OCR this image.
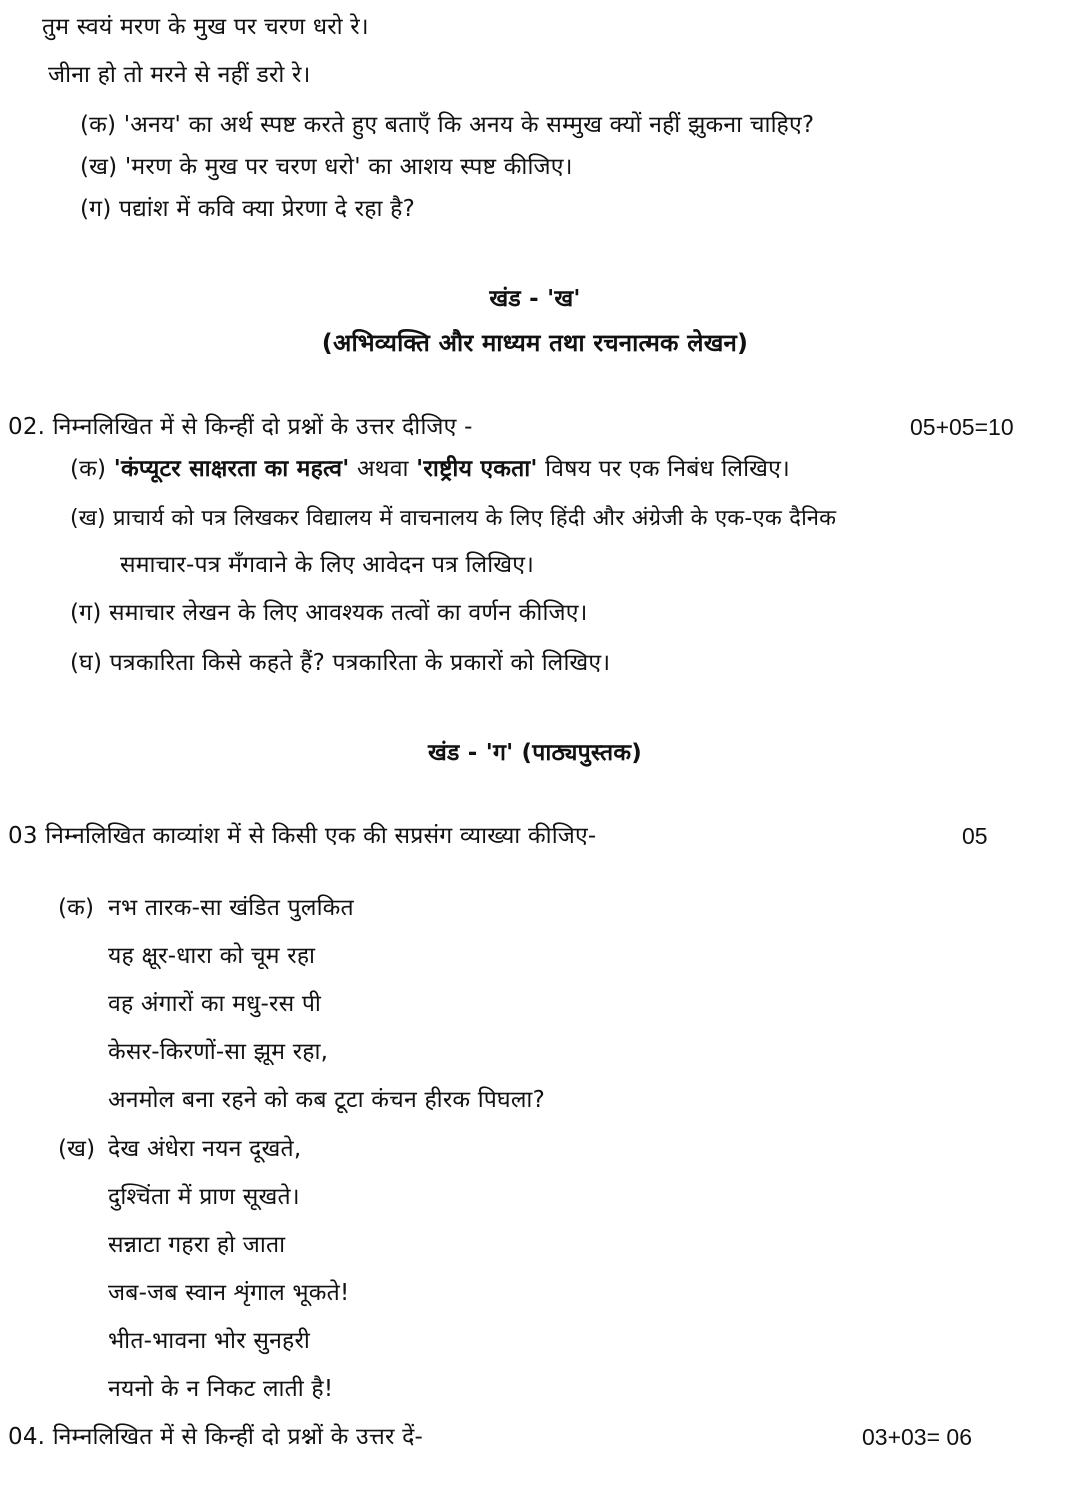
तुम स्वयं मरण के मुख पर चरण धरो रे।
जीना हो तो मरने से नहीं डरो रे।
(क) 'अनय' का अर्थ स्पष्ट करते हुए बताएँ कि अनय के सम्मुख क्यों नहीं झुकना चाहिए?
(ख) 'मरण के मुख पर चरण धरो' का आशय स्पष्ट कीजिए।
(ग) पद्यांश में कवि क्या प्रेरणा दे रहा है?
खंड - 'ख'
(अभिव्यक्ति और माध्यम तथा रचनात्मक लेखन)
02. निम्नलिखित में से किन्हीं दो प्रश्नों के उत्तर दीजिए -	05+05=10
(क) 'कंप्यूटर साक्षरता का महत्व' अथवा 'राष्ट्रीय एकता' विषय पर एक निबंध लिखिए।
(ख) प्राचार्य को पत्र लिखकर विद्यालय में वाचनालय के लिए हिंदी और अंग्रेजी के एक-एक दैनिक
समाचार-पत्र मँगवाने के लिए आवेदन पत्र लिखिए।
(ग) समाचार लेखन के लिए आवश्यक तत्वों का वर्णन कीजिए।
(घ) पत्रकारिता किसे कहते हैं? पत्रकारिता के प्रकारों को लिखिए।
खंड - 'ग' (पाठ्यपुस्तक)
03 निम्नलिखित काव्यांश में से किसी एक की सप्रसंग व्याख्या कीजिए-	05
(क) नभ तारक-सा खंडित पुलकित
यह क्षूर-धारा को चूम रहा
वह अंगारों का मधु-रस पी
केसर-किरणों-सा झूम रहा,
अनमोल बना रहने को कब टूटा कंचन हीरक पिघला?
(ख) देख अंधेरा नयन दूखते,
दुश्चिंता में प्राण सूखते।
सन्नाटा गहरा हो जाता
जब-जब स्वान शृंगाल भूकते!
भीत-भावना भोर सुनहरी
नयनो के न निकट लाती है!
04. निम्नलिखित में से किन्हीं दो प्रश्नों के उत्तर दें-	03+03= 06
